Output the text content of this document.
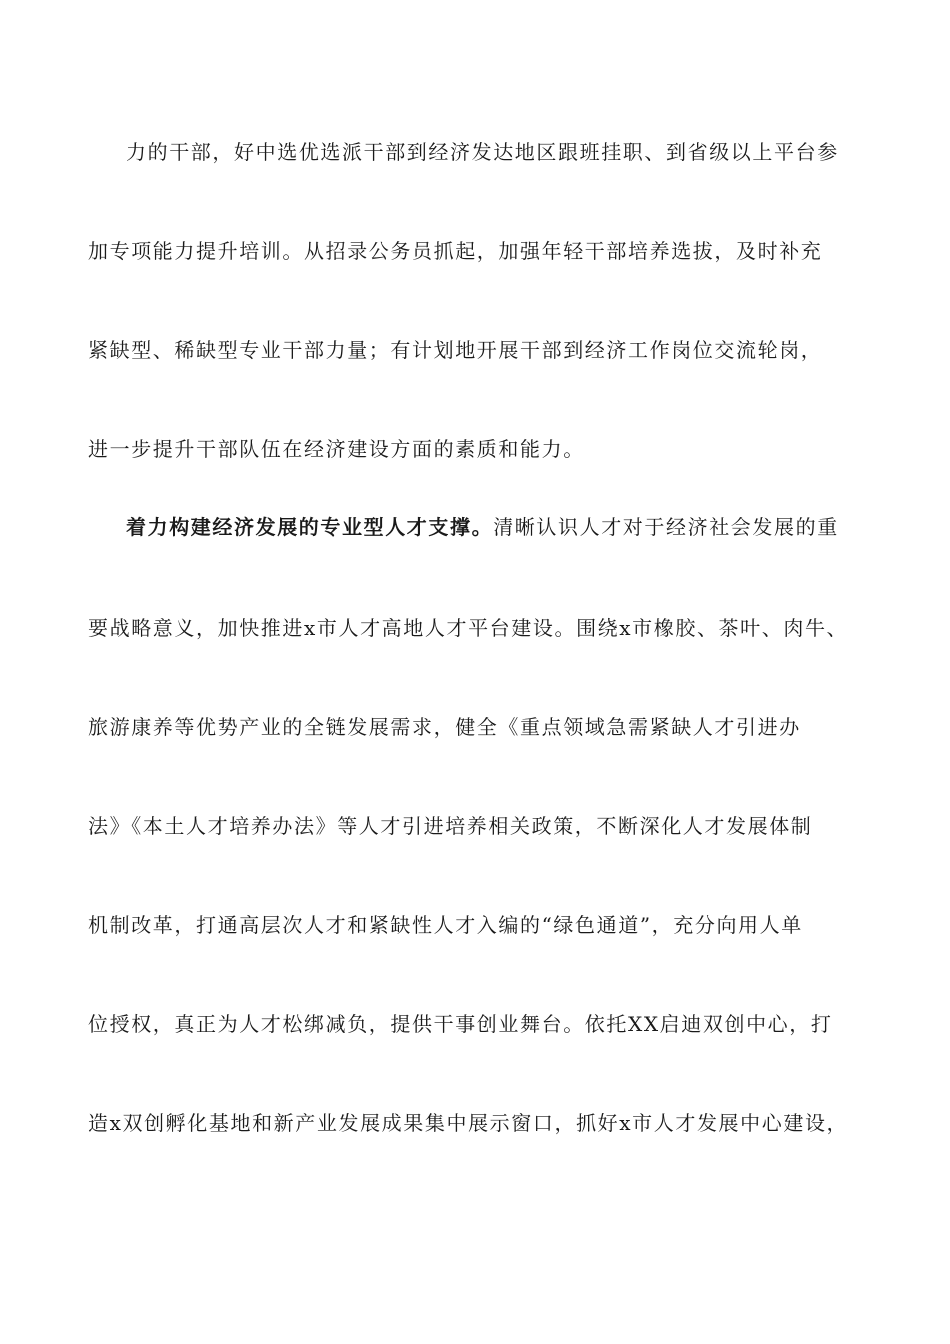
力的干部，好中选优选派干部到经济发达地区跟班挂职、到省级以上平台参
加专项能力提升培训。从招录公务员抓起，加强年轻干部培养选拔，及时补充
紧缺型、稀缺型专业干部力量；有计划地开展干部到经济工作岗位交流轮岗，
进一步提升干部队伍在经济建设方面的素质和能力。
着力构建经济发展的专业型人才支撑。清晰认识人才对于经济社会发展的重
要战略意义，加快推进x市人才高地人才平台建设。围绕x市橡胶、茶叶、肉牛、
旅游康养等优势产业的全链发展需求，健全《重点领域急需紧缺人才引进办
法》《本土人才培养办法》等人才引进培养相关政策，不断深化人才发展体制
机制改革，打通高层次人才和紧缺性人才入编的“绿色通道”，充分向用人单
位授权，真正为人才松绑减负，提供干事创业舞台。依托XX启迪双创中心，打
造x双创孵化基地和新产业发展成果集中展示窗口，抓好x市人才发展中心建设，
